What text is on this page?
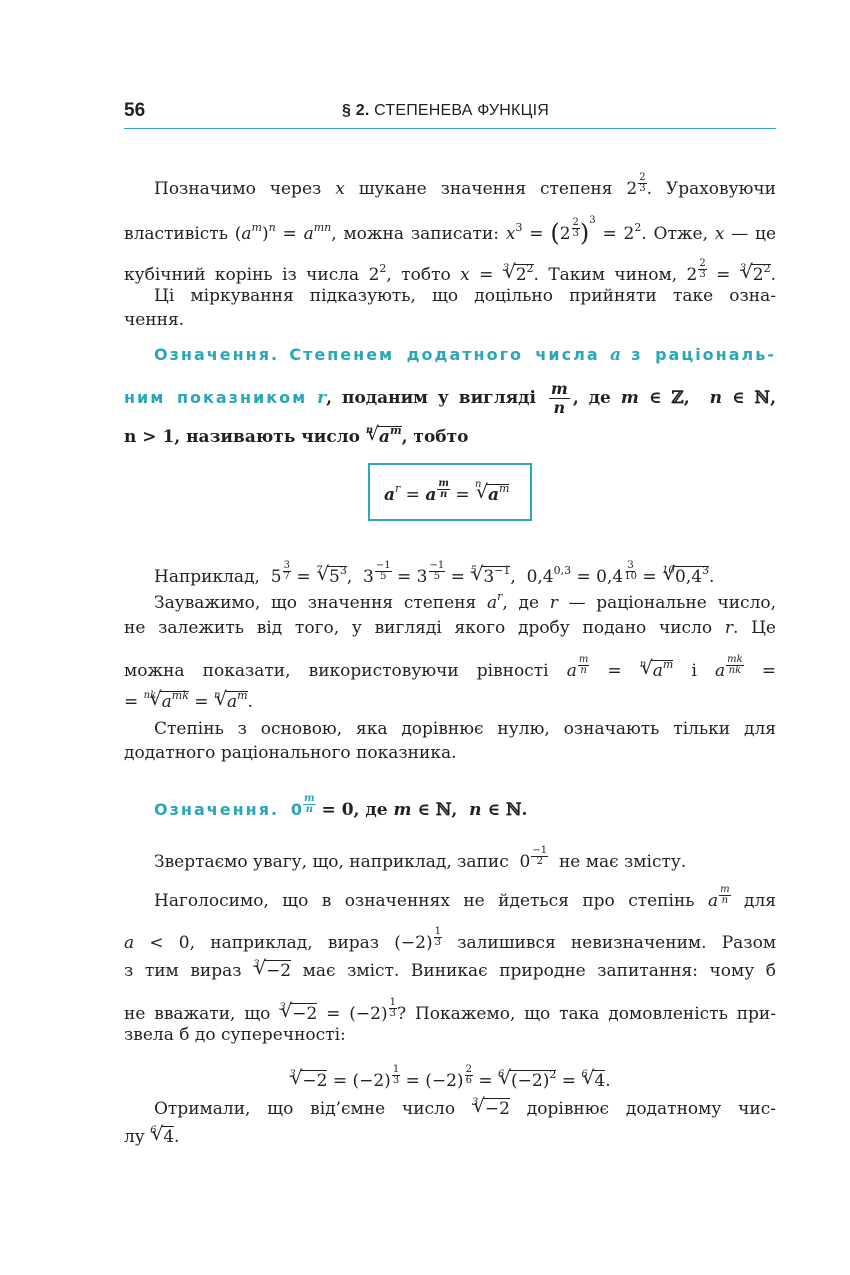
56	§ 2. СТЕПЕНЕВА ФУНКЦІЯ
Позначимо через x шукане значення степеня $2 \frac{2}{3}$ . Ураховуючи
властивість $(a^m)^n = a^{mn}$, можна записати: $x^3 = (2 \frac{2}{3} )^3 = 2^2$. Отже, x — це
кубічний корінь із числа $2^2$, тобто x = 3 √ $2^2$. Таким чином, $2 \frac{2}{3} = 3$ √ $2^2$.
Ці міркування підказують, що доцільно прийняти таке озна-
чення.
Означення. Степенем додатного числа a з раціональ-
ним показником r, поданим у вигляді $\frac{m}{n}$ , де m ∈ ℤ,  n ∈ ℕ,
n > 1, називають число n √ $a^m$, тобто
$a^r = a \frac{m}{n}$ =
n
√ $a^m$
Наприклад,  $5 \frac{3}{7} = 7$ √ $5^3$,  $3 \frac{-1}{5} = 3 \frac{-1}{5} = 5$ √ $3^{-1}$,  $0,4^{0,3} = 0,4 \frac{3}{10} = 10$ √ $0,4^3$.
Зауважимо, що значення степеня $a^r$, де r — раціональне число,
не залежить від того, у вигляді якого дробу подано число r. Це
можна показати, використовуючи рівності a $\frac{m}{n} = n$ √ $a^m$ і a $\frac{mk}{nk}$ =
= nk √ $a^{mk} = n$ √ $a^m$.
Степінь з основою, яка дорівнює нулю, означають тільки для
додатного раціонального показника.
Означення. $0 \frac{m}{n} = 0$, де m ∈ ℕ,  n ∈ ℕ.
Звертаємо увагу, що, наприклад, запис  $0 \frac{-1}{2}$ не має змісту.
Наголосимо, що в означеннях не йдеться про степінь a $\frac{m}{n}$ для
a < 0, наприклад, вираз $(-2) \frac{1}{3}$ залишився невизначеним. Разом
з тим вираз 3 √ −2 має зміст. Виникає природне запитання: чому б
не вважати, що 3 √ $-2 = (-2) \frac{1}{3}$ ? Покажемо, що така домовленість при-
звела б до суперечності:
3 √ $-2 = (-2) \frac{1}{3} = (-2) \frac{2}{6} = 6$ √ $(-2)^2 = 6$ √ 4.
Отримали, що від’ємне число 3 √ −2 дорівнює додатному чис-
лу 6 √ 4.
